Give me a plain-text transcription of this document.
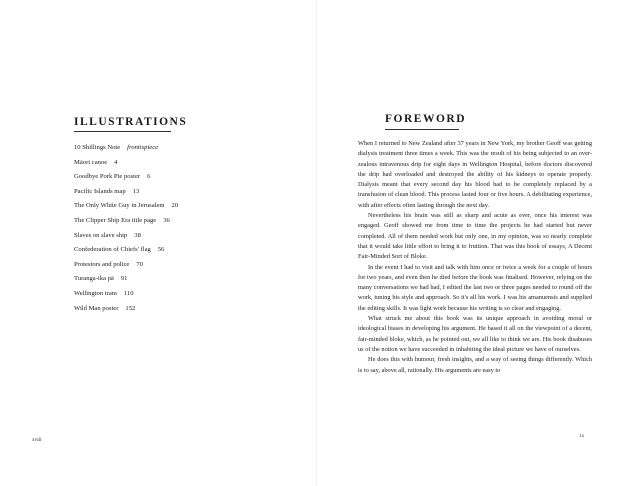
ILLUSTRATIONS
10 Shillings Note frontispiece
Māori canoe 4
Goodbye Pork Pie poster 6
Pacific Islands map 13
The Only White Guy in Jerusalem 20
The Clipper Ship Era title page 36
Slaves on slave ship 38
Confederation of Chiefs' flag 56
Protestors and police 70
Turanga-ika pā 91
Wellington tram 110
Wild Man poster 152
xviii
FOREWORD

When I returned to New Zealand after 37 years in New York, my brother Geoff was getting dialysis treatment three times a week. This was the result of his being subjected to an over-zealous intravenous drip for eight days in Wellington Hospital, before doctors discovered the drip had overloaded and destroyed the ability of his kidneys to operate properly. Dialysis meant that every second day his blood had to be completely replaced by a transfusion of clean blood. This process lasted four or five hours. A debilitating experience, with after effects often lasting through the next day.

Nevertheless his brain was still as sharp and acute as ever, once his interest was engaged. Geoff showed me from time to time the projects he had started but never completed. All of them needed work but only one, in my opinion, was so nearly complete that it would take little effort to bring it to fruition. That was this book of essays, A Decent Fair-Minded Sort of Bloke.

In the event I had to visit and talk with him once or twice a week for a couple of hours for two years, and even then he died before the book was finalised. However, relying on the many conversations we had had, I edited the last two or three pages needed to round off the work, tuning his style and approach. So it's all his work. I was his amanuensis and supplied the editing skills. It was light work because his writing is so clear and engaging.

What struck me about this book was its unique approach in avoiding moral or ideological biases in developing his argument. He based it all on the viewpoint of a decent, fair-minded bloke, which, as he pointed out, we all like to think we are. His book disabuses us of the notion we have succeeded in inhabiting the ideal picture we have of ourselves.

He does this with humour, fresh insights, and a way of seeing things differently. Which is to say, above all, rationally. His arguments are easy to

ix
